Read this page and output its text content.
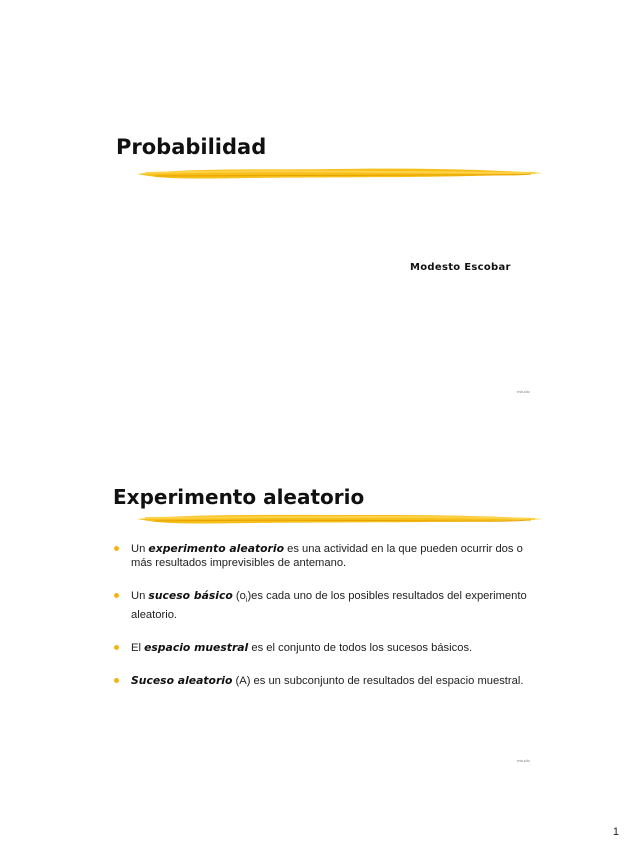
Probabilidad
Modesto Escobar
estudio
Experimento aleatorio
Un experimento aleatorio es una actividad en la que pueden ocurrir dos o más resultados imprevisibles de antemano.
Un suceso básico $(o_i)es$ cada uno de los posibles resultados del experimento aleatorio.
El espacio muestral es el conjunto de todos los sucesos básicos.
Suceso aleatorio (A) es un subconjunto de resultados del espacio muestral.
estudio
1
